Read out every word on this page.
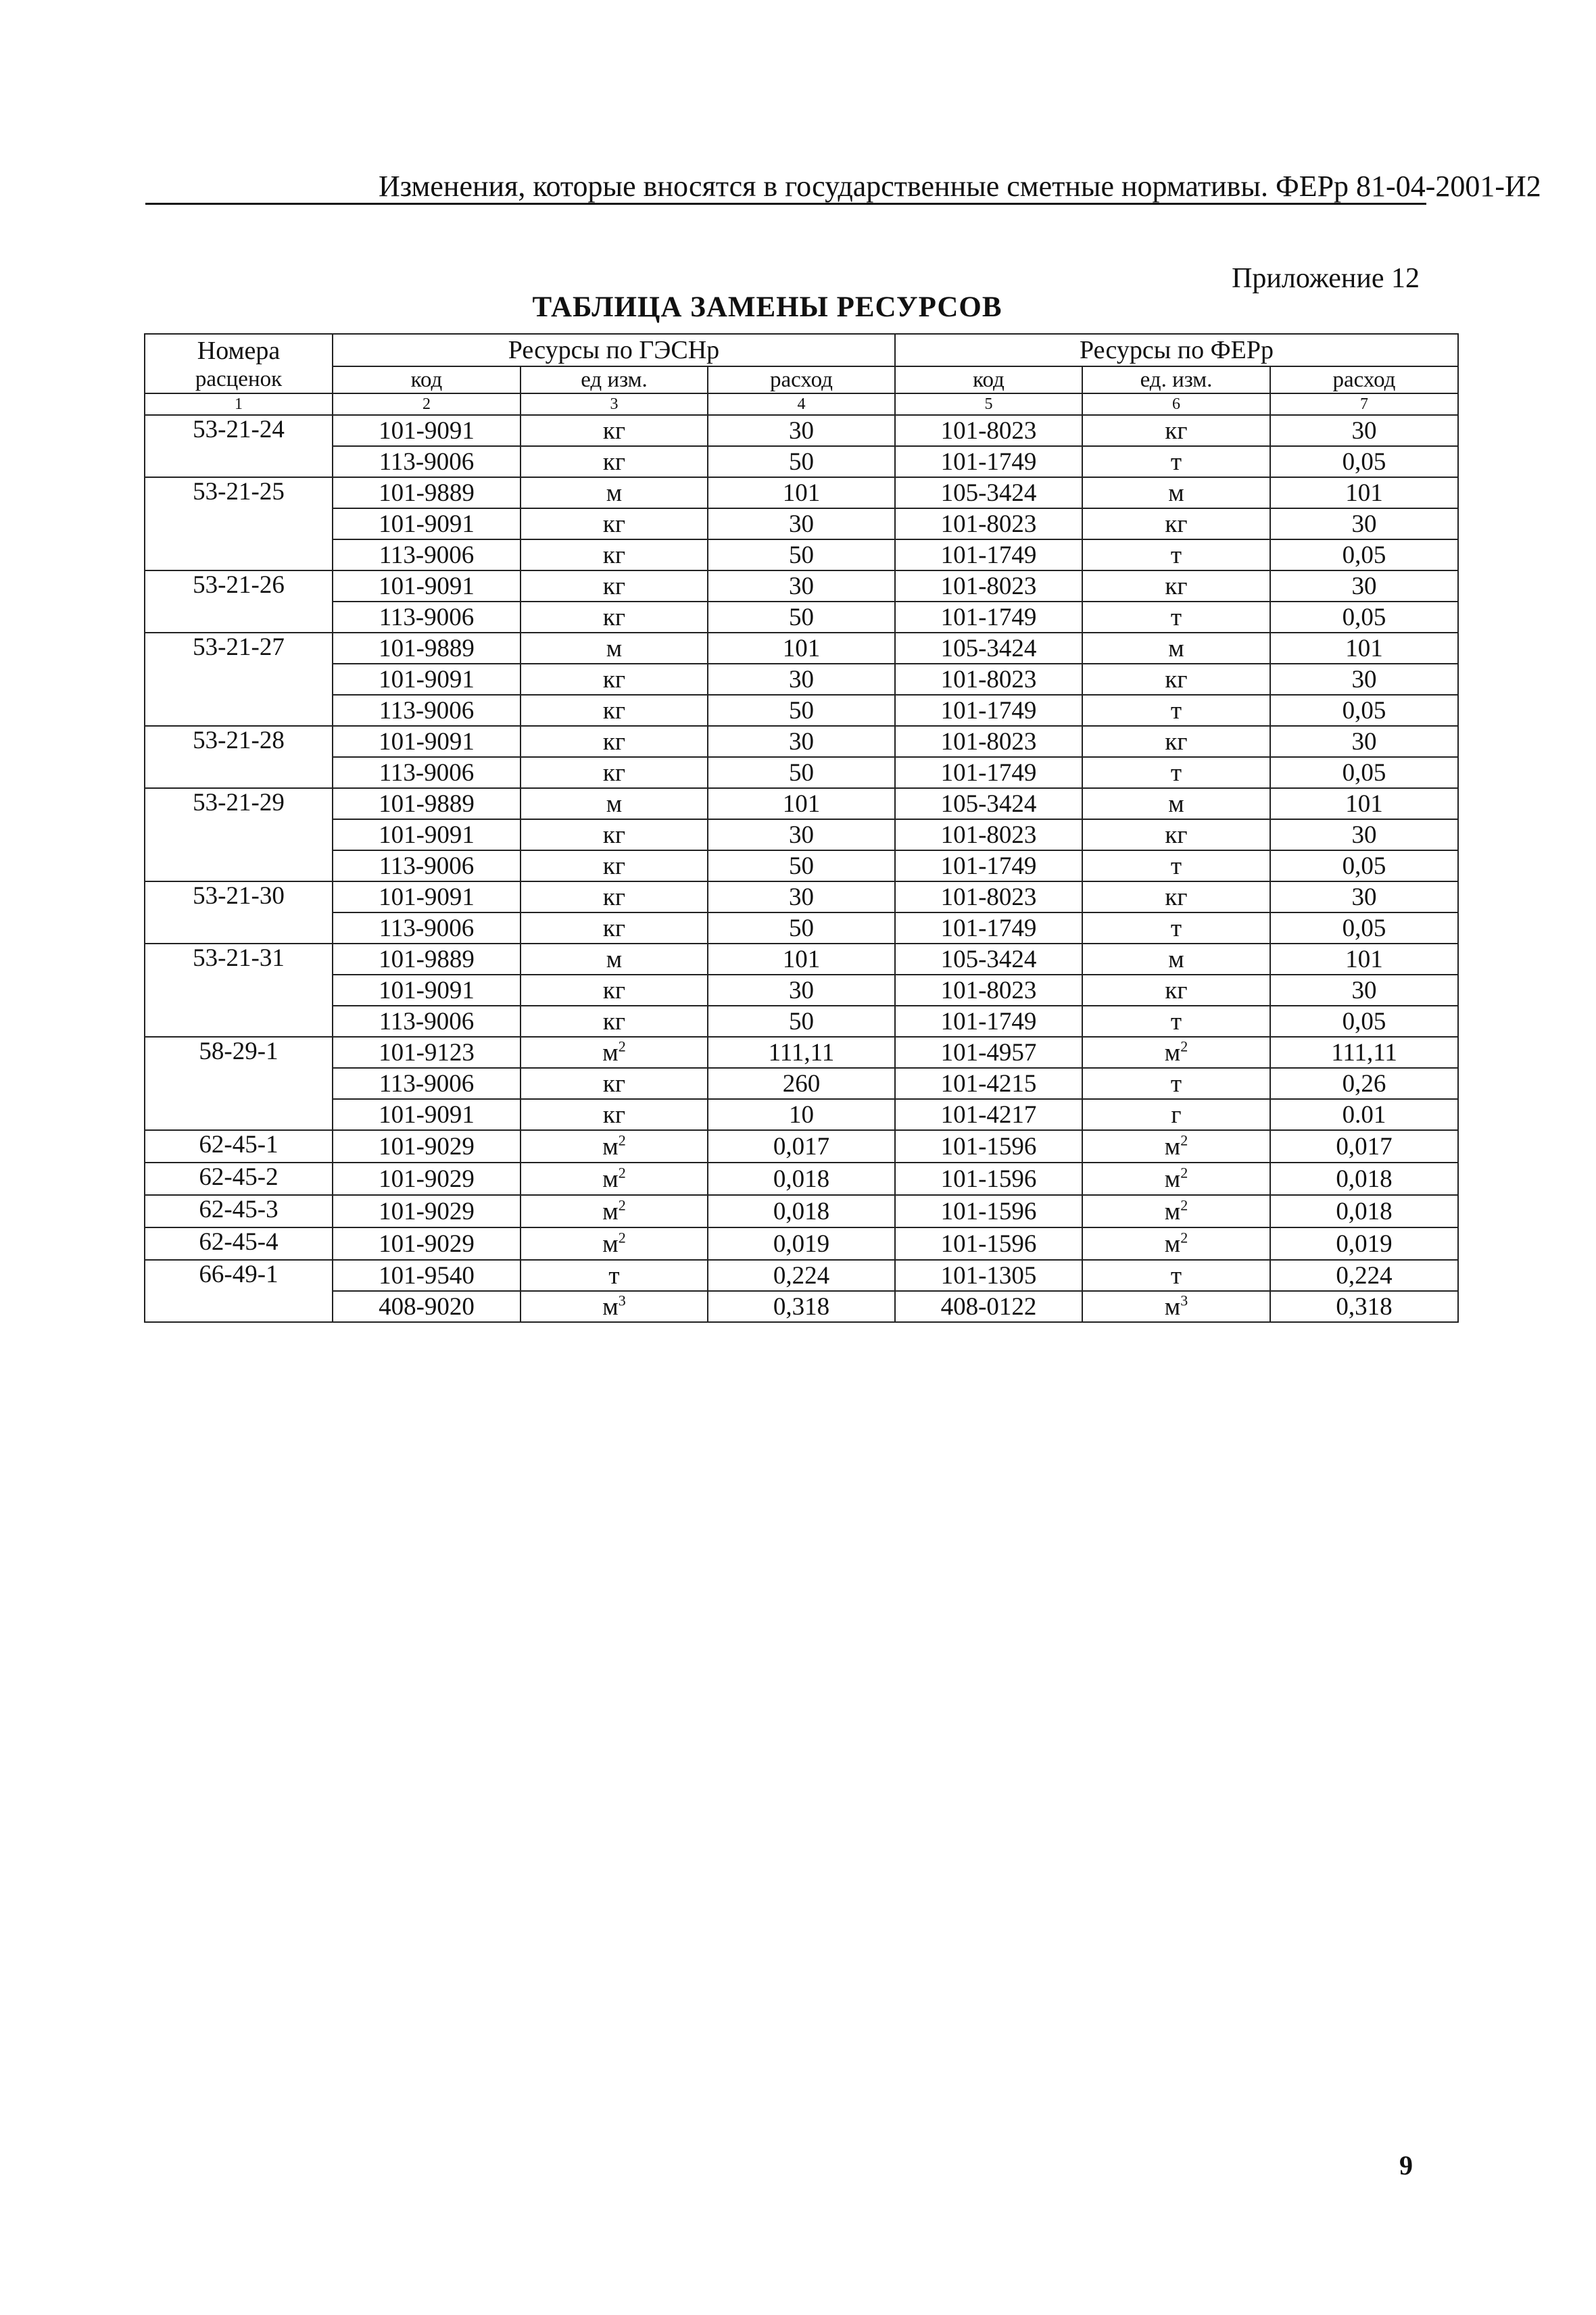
Изменения, которые вносятся в государственные сметные нормативы. ФЕРр 81-04-2001-И2
Приложение 12
ТАБЛИЦА ЗАМЕНЫ РЕСУРСОВ
Номера	Ресурсы по ГЭСНр			Ресурсы по ФЕРр		
расценок	код	ед изм.	расход	код	ед. изм.	расход
1	2	3	4	5	6	7
53-21-24	101-9091	кг	30	101-8023	кг	30
	113-9006	кг	50	101-1749	т	0,05
53-21-25	101-9889	м	101	105-3424	м	101
	101-9091	кг	30	101-8023	кг	30
	113-9006	кг	50	101-1749	т	0,05
53-21-26	101-9091	кг	30	101-8023	кг	30
	113-9006	кг	50	101-1749	т	0,05
53-21-27	101-9889	м	101	105-3424	м	101
	101-9091	кг	30	101-8023	кг	30
	113-9006	кг	50	101-1749	т	0,05
53-21-28	101-9091	кг	30	101-8023	кг	30
	113-9006	кг	50	101-1749	т	0,05
53-21-29	101-9889	м	101	105-3424	м	101
	101-9091	кг	30	101-8023	кг	30
	113-9006	кг	50	101-1749	т	0,05
53-21-30	101-9091	кг	30	101-8023	кг	30
	113-9006	кг	50	101-1749	т	0,05
53-21-31	101-9889	м	101	105-3424	м	101
	101-9091	кг	30	101-8023	кг	30
	113-9006	кг	50	101-1749	т	0,05
58-29-1	101-9123	$м^2$	111,11	101-4957	$м^2$	111,11
	113-9006	кг	260	101-4215	т	0,26
	101-9091	кг	10	101-4217	г	0.01
62-45-1	101-9029	$м^2$	0,017	101-1596	$м^2$	0,017
62-45-2	101-9029	$м^2$	0,018	101-1596	$м^2$	0,018
62-45-3	101-9029	$м^2$	0,018	101-1596	$м^2$	0,018
62-45-4	101-9029	$м^2$	0,019	101-1596	$м^2$	0,019
66-49-1	101-9540	т	0,224	101-1305	т	0,224
	408-9020	$м^3$	0,318	408-0122	$м^3$	0,318
9
